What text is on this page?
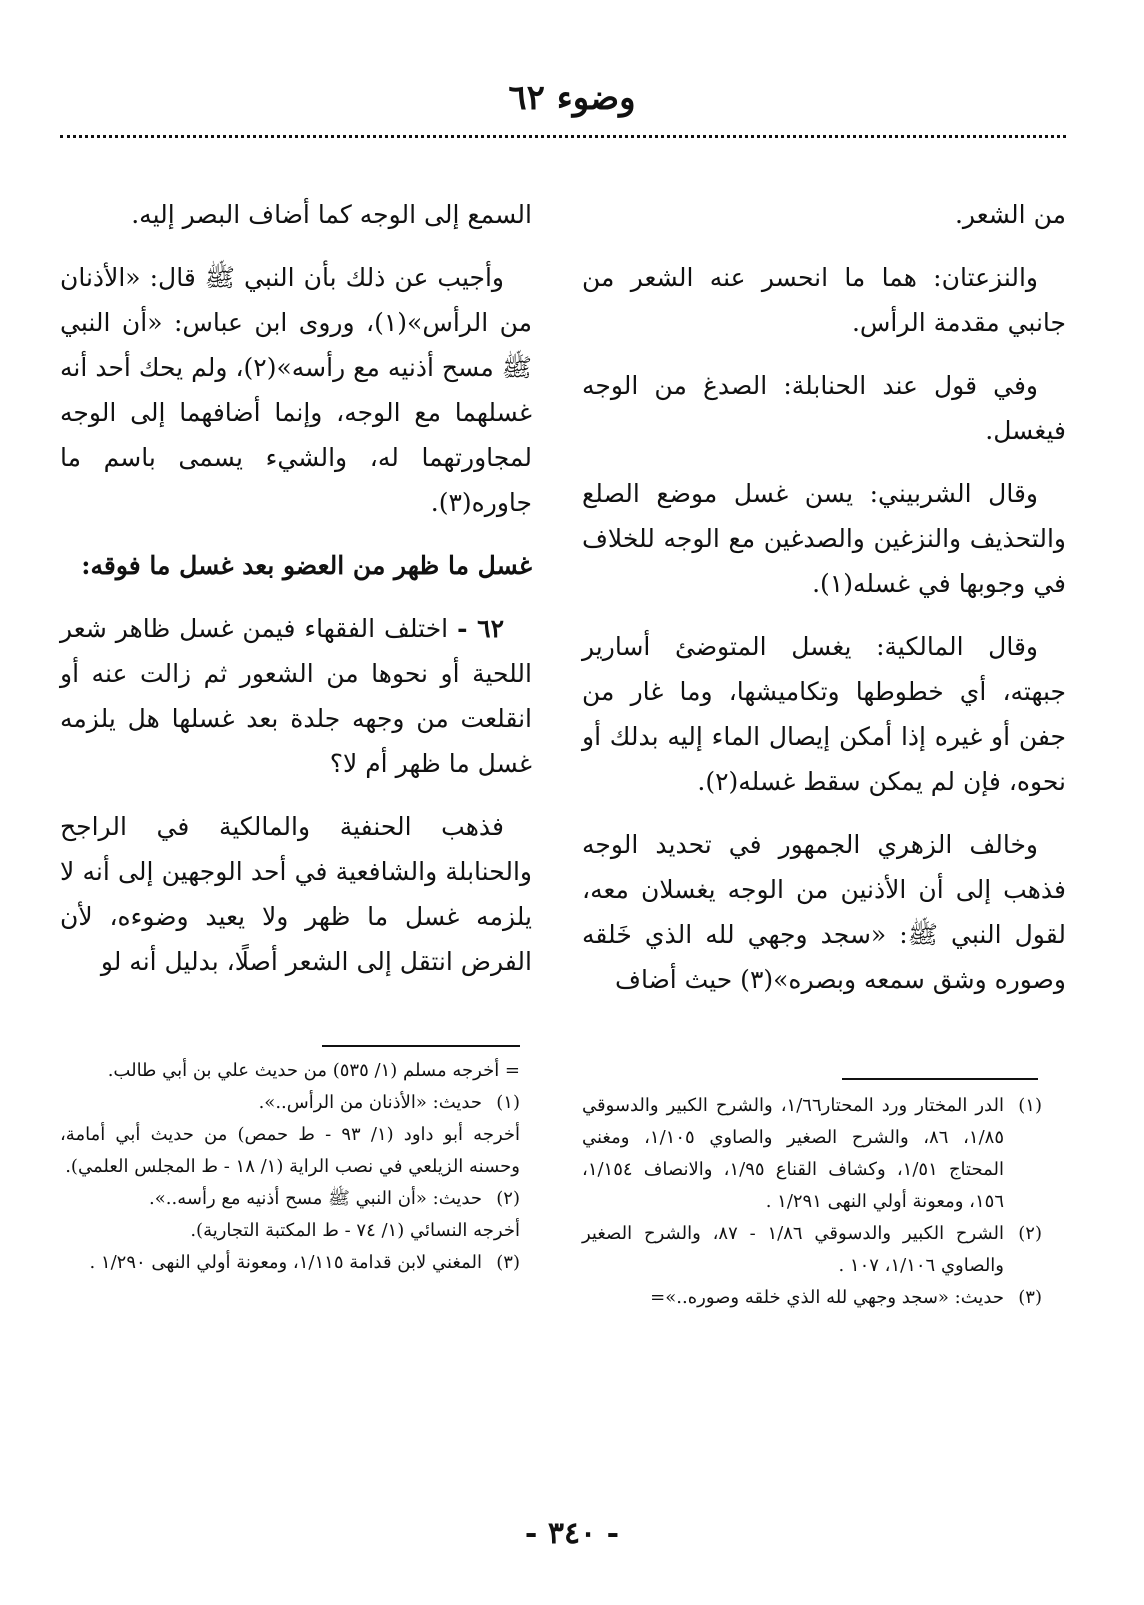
وضوء ٦٢

من الشعر.

والنزعتان: هما ما انحسر عنه الشعر من جانبي مقدمة الرأس.

وفي قول عند الحنابلة: الصدغ من الوجه فيغسل.

وقال الشربيني: يسن غسل موضع الصلع والتحذيف والنزغين والصدغين مع الوجه للخلاف في وجوبها في غسله(١).

وقال المالكية: يغسل المتوضئ أسارير جبهته، أي خطوطها وتكاميشها، وما غار من جفن أو غيره إذا أمكن إيصال الماء إليه بدلك أو نحوه، فإن لم يمكن سقط غسله(٢).

وخالف الزهري الجمهور في تحديد الوجه فذهب إلى أن الأذنين من الوجه يغسلان معه، لقول النبي ﷺ: «سجد وجهي لله الذي خَلقه وصوره وشق سمعه وبصره»(٣) حيث أضاف

السمع إلى الوجه كما أضاف البصر إليه.

وأجيب عن ذلك بأن النبي ﷺ قال: «الأذنان من الرأس»(١)، وروى ابن عباس: «أن النبي ﷺ مسح أذنيه مع رأسه»(٢)، ولم يحك أحد أنه غسلهما مع الوجه، وإنما أضافهما إلى الوجه لمجاورتهما له، والشيء يسمى باسم ما جاوره(٣).

غسل ما ظهر من العضو بعد غسل ما فوقه:

٦٢ - اختلف الفقهاء فيمن غسل ظاهر شعر اللحية أو نحوها من الشعور ثم زالت عنه أو انقلعت من وجهه جلدة بعد غسلها هل يلزمه غسل ما ظهر أم لا؟

فذهب الحنفية والمالكية في الراجح والحنابلة والشافعية في أحد الوجهين إلى أنه لا يلزمه غسل ما ظهر ولا يعيد وضوءه، لأن الفرض انتقل إلى الشعر أصلًا، بدليل أنه لو

(١)
الدر المختار ورد المحتار١/٦٦، والشرح الكبير والدسوقي ١/٨٥، ٨٦، والشرح الصغير والصاوي ١/١٠٥، ومغني المحتاج ١/٥١، وكشاف القناع ١/٩٥، والانصاف ١/١٥٤، ١٥٦، ومعونة أولي النهى ١/٢٩١ .
(٢)
الشرح الكبير والدسوقي ١/٨٦ - ٨٧، والشرح الصغير والصاوي ١/١٠٦، ١٠٧ .
(٣)
حديث: «سجد وجهي لله الذي خلقه وصوره..»=

= أخرجه مسلم (١/ ٥٣٥) من حديث علي بن أبي طالب.

(١)
حديث: «الأذنان من الرأس..».

أخرجه أبو داود (١/ ٩٣ - ط حمص) من حديث أبي أمامة، وحسنه الزيلعي في نصب الراية (١/ ١٨ - ط المجلس العلمي).

(٢)
حديث: «أن النبي ﷺ مسح أذنيه مع رأسه..».

أخرجه النسائي (١/ ٧٤ - ط المكتبة التجارية).

(٣)
المغني لابن قدامة ١/١١٥، ومعونة أولي النهى ١/٢٩٠ .
- ٣٤٠ -
